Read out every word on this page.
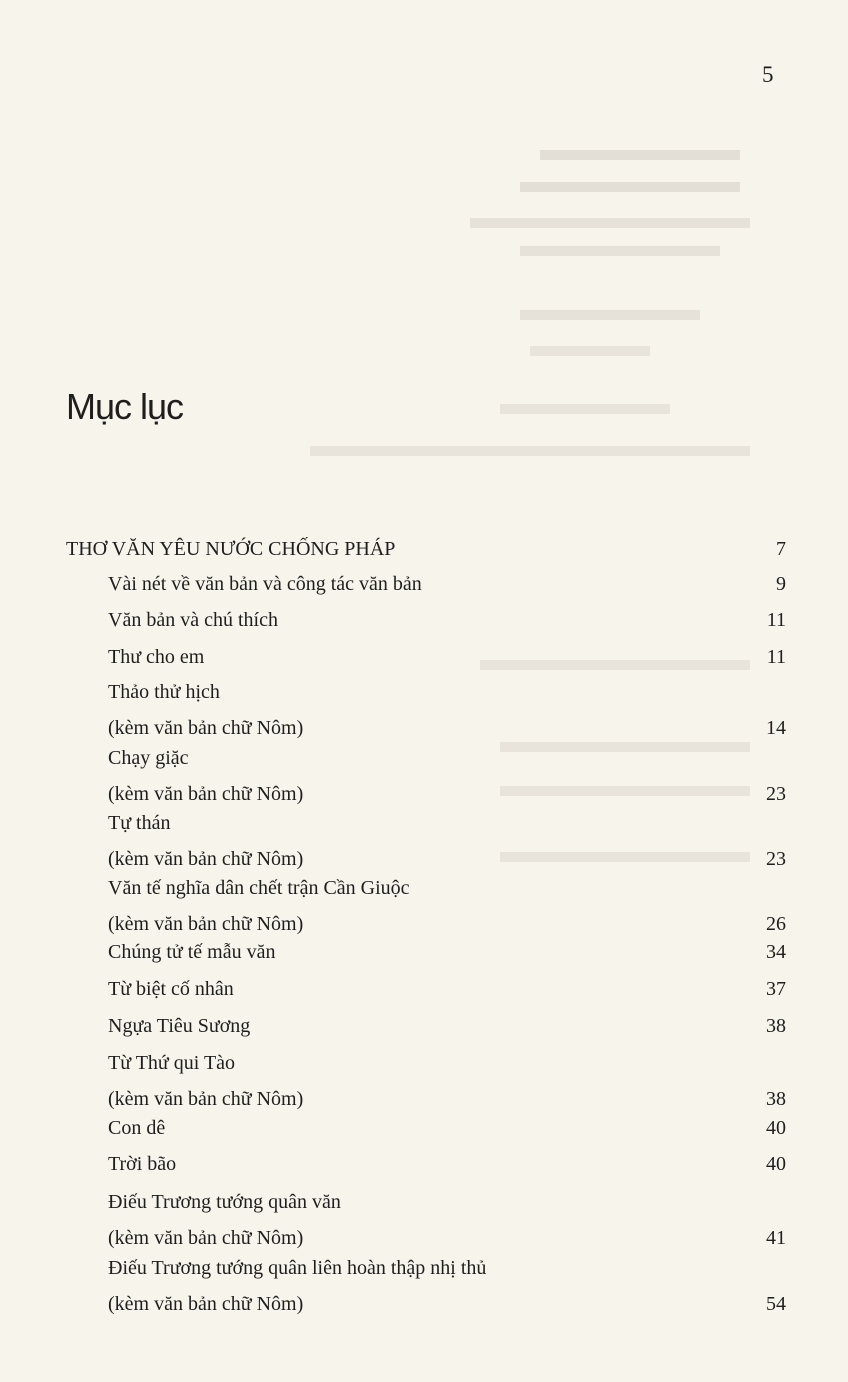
5
Mục lục
THƠ VĂN YÊU NƯỚC CHỐNG PHÁP	7
Vài nét về văn bản và công tác văn bản	9
Văn bản và chú thích	11
Thư cho em	11
Thảo thử hịch
(kèm văn bản chữ Nôm)	14
Chạy giặc
(kèm văn bản chữ Nôm)	23
Tự thán
(kèm văn bản chữ Nôm)	23
Văn tế nghĩa dân chết trận Cần Giuộc
(kèm văn bản chữ Nôm)	26
Chúng tử tế mẫu văn	34
Từ biệt cố nhân	37
Ngựa Tiêu Sương	38
Từ Thứ qui Tào
(kèm văn bản chữ Nôm)	38
Con dê	40
Trời bão	40
Điếu Trương tướng quân văn
(kèm văn bản chữ Nôm)	41
Điếu Trương tướng quân liên hoàn thập nhị thủ
(kèm văn bản chữ Nôm)	54
